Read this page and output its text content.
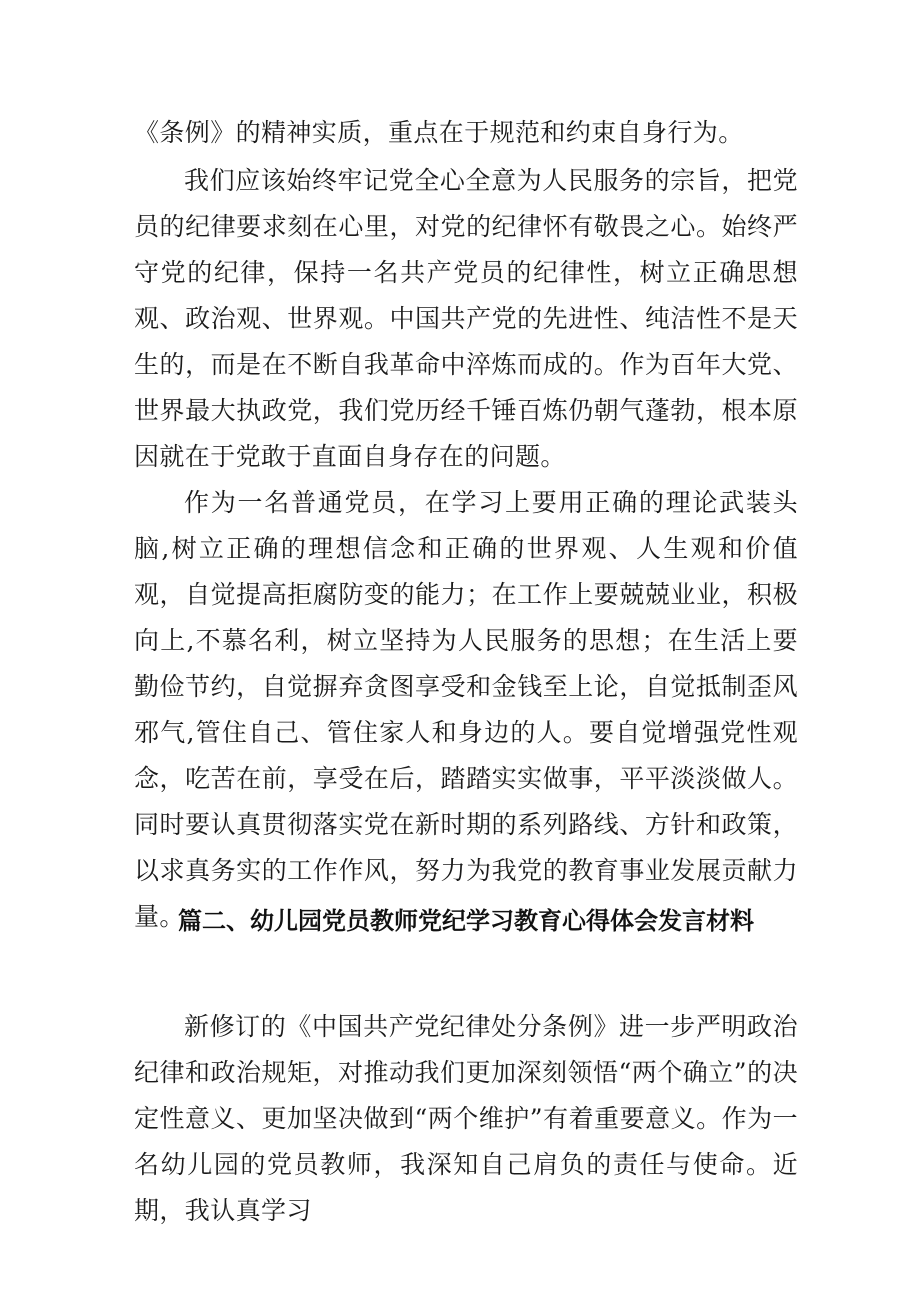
《条例》的精神实质，重点在于规范和约束自身行为。

我们应该始终牢记党全心全意为人民服务的宗旨，把党员的纪律要求刻在心里，对党的纪律怀有敬畏之心。始终严守党的纪律，保持一名共产党员的纪律性，树立正确思想观、政治观、世界观。中国共产党的先进性、纯洁性不是天生的，而是在不断自我革命中淬炼而成的。作为百年大党、世界最大执政党，我们党历经千锤百炼仍朝气蓬勃，根本原因就在于党敢于直面自身存在的问题。

作为一名普通党员，在学习上要用正确的理论武装头脑,树立正确的理想信念和正确的世界观、人生观和价值观，自觉提高拒腐防变的能力；在工作上要兢兢业业，积极向上,不慕名利，树立坚持为人民服务的思想；在生活上要勤俭节约，自觉摒弃贪图享受和金钱至上论，自觉抵制歪风邪气,管住自己、管住家人和身边的人。要自觉增强党性观念，吃苦在前，享受在后，踏踏实实做事，平平淡淡做人。同时要认真贯彻落实党在新时期的系列路线、方针和政策，以求真务实的工作作风，努力为我党的教育事业发展贡献力量。

篇二、幼儿园党员教师党纪学习教育心得体会发言材料

新修订的《中国共产党纪律处分条例》进一步严明政治纪律和政治规矩，对推动我们更加深刻领悟“两个确立”的决定性意义、更加坚决做到“两个维护”有着重要意义。作为一名幼儿园的党员教师，我深知自己肩负的责任与使命。近期，我认真学习
